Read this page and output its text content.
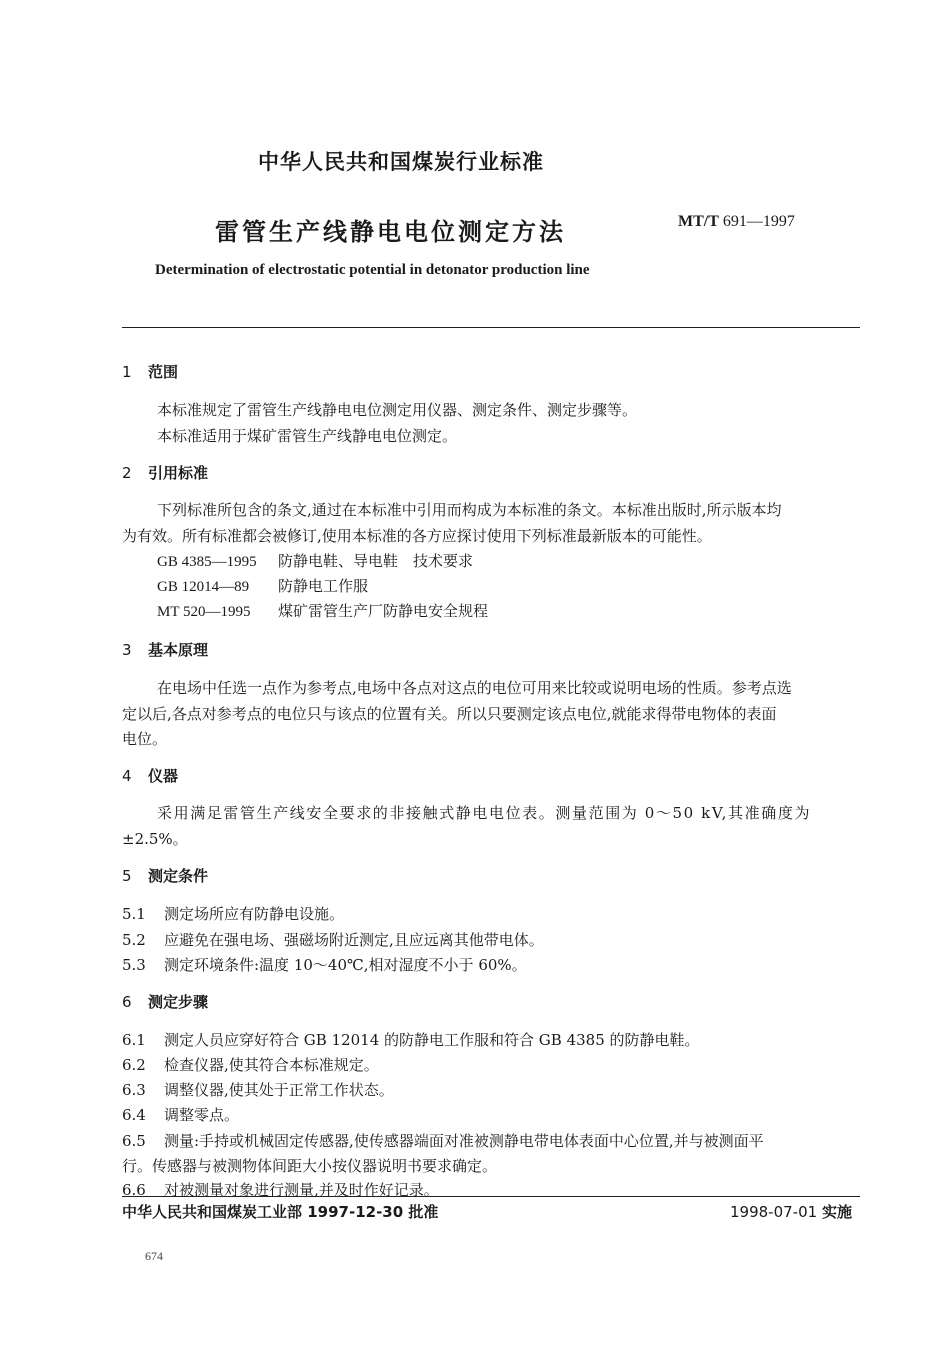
中华人民共和国煤炭行业标准
雷管生产线静电电位测定方法	MT/T 691—1997
Determination of electrostatic potential in detonator production line
1 范围
本标准规定了雷管生产线静电电位测定用仪器、测定条件、测定步骤等。
本标准适用于煤矿雷管生产线静电电位测定。
2 引用标准
下列标准所包含的条文,通过在本标准中引用而构成为本标准的条文。本标准出版时,所示版本均
为有效。所有标准都会被修订,使用本标准的各方应探讨使用下列标准最新版本的可能性。
GB 4385—1995 防静电鞋、导电鞋　技术要求
GB 12014—89 防静电工作服
MT 520—1995 煤矿雷管生产厂防静电安全规程
3 基本原理
在电场中任选一点作为参考点,电场中各点对这点的电位可用来比较或说明电场的性质。参考点选
定以后,各点对参考点的电位只与该点的位置有关。所以只要测定该点电位,就能求得带电物体的表面
电位。
4 仪器
采用满足雷管生产线安全要求的非接触式静电电位表。测量范围为 0～50 kV,其准确度为
±2.5%。
5 测定条件
5.1 测定场所应有防静电设施。
5.2 应避免在强电场、强磁场附近测定,且应远离其他带电体。
5.3 测定环境条件:温度 10～40℃,相对湿度不小于 60%。
6 测定步骤
6.1 测定人员应穿好符合 GB 12014 的防静电工作服和符合 GB 4385 的防静电鞋。
6.2 检查仪器,使其符合本标准规定。
6.3 调整仪器,使其处于正常工作状态。
6.4 调整零点。
6.5 测量:手持或机械固定传感器,使传感器端面对准被测静电带电体表面中心位置,并与被测面平
行。传感器与被测物体间距大小按仪器说明书要求确定。
6.6 对被测量对象进行测量,并及时作好记录。
中华人民共和国煤炭工业部 1997-12-30 批准	1998-07-01 实施
674
